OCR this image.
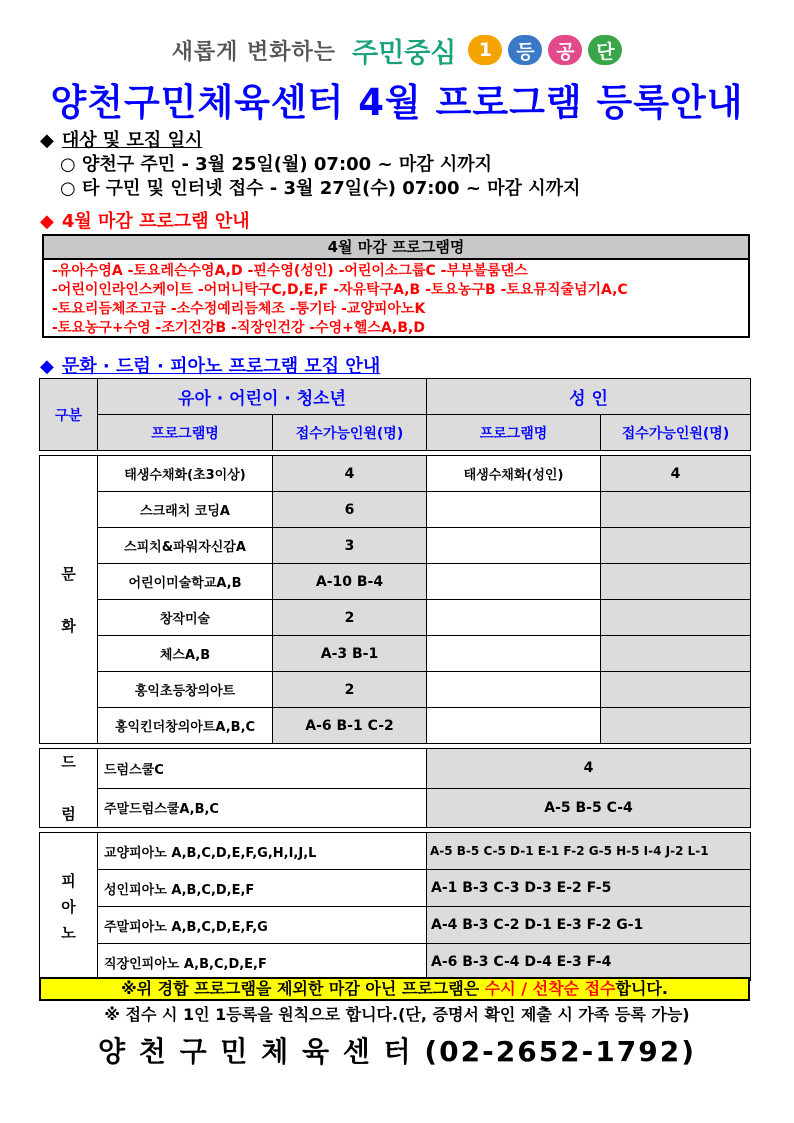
새롭게 변화하는 주민중심	1	등	공	단
양천구민체육센터 4월 프로그램 등록안내
◆ 대상 및 모집 일시
○ 양천구 주민 - 3월 25일(월) 07:00 ~ 마감 시까지
○ 타 구민 및 인터넷 접수 - 3월 27일(수) 07:00 ~ 마감 시까지
◆ 4월 마감 프로그램 안내
4월 마감 프로그램명
-유아수영A -토요레슨수영A,D -핀수영(성인) -어린이소그룹C -부부볼룸댄스
-어린이인라인스케이트 -어머니탁구C,D,E,F -자유탁구A,B -토요농구B -토요뮤직줄넘기A,C
-토요리듬체조고급 -소수정예리듬체조 -통기타 -교양피아노K
-토요농구+수영 -조기건강B -직장인건강 -수영+헬스A,B,D
◆ 문화 · 드럼 · 피아노 프로그램 모집 안내
구분	유아 · 어린이 · 청소년		성 인	
	프로그램명	접수가능인원(명)	프로그램명	접수가능인원(명)

문

화	태생수채화(초3이상)	4	태생수채화(성인)	4
	스크래치 코딩A	6		
	스피치&파워자신감A	3		
	어린이미술학교A,B	A-10 B-4		
	창작미술	2		
	체스A,B	A-3 B-1		
	홍익초등창의아트	2		
	홍익킨더창의아트A,B,C	A-6 B-1 C-2		

드

럼	드럼스쿨C		4	
	주말드럼스쿨A,B,C		A-5 B-5 C-4	

피
아
노	교양피아노 A,B,C,D,E,F,G,H,I,J,L		A-5 B-5 C-5 D-1 E-1 F-2 G-5 H-5 I-4 J-2 L-1	
	성인피아노 A,B,C,D,E,F		A-1 B-3 C-3 D-3 E-2 F-5	
	주말피아노 A,B,C,D,E,F,G		A-4 B-3 C-2 D-1 E-3 F-2 G-1	
	직장인피아노 A,B,C,D,E,F		A-6 B-3 C-4 D-4 E-3 F-4	
※위 경합 프로그램을 제외한 마감 아닌 프로그램은 수시 / 선착순 접수합니다.
※ 접수 시 1인 1등록을 원칙으로 합니다.(단, 증명서 확인 제출 시 가족 등록 가능)
양 천 구 민 체 육 센 터 (02-2652-1792)
